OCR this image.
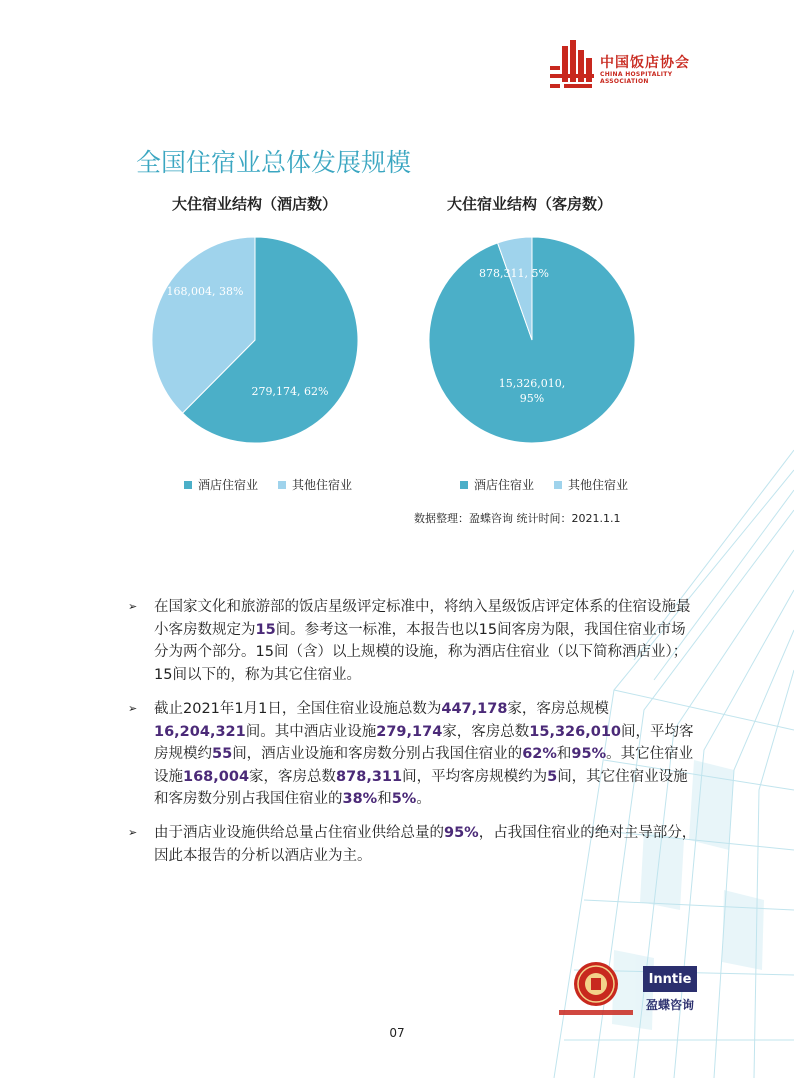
中国饭店协会
CHINA HOSPITALITY ASSOCIATION
全国住宿业总体发展规模
大住宿业结构（酒店数）
279,174, 62%
168,004, 38%
酒店住宿业	其他住宿业
大住宿业结构（客房数）
15,326,010, 95%
878,311, 5%
酒店住宿业	其他住宿业
数据整理：盈蝶咨询 统计时间：2021.1.1
➢ 在国家文化和旅游部的饭店星级评定标准中，将纳入星级饭店评定体系的住宿设施最小客房数规定为15间。参考这一标准，本报告也以15间客房为限，我国住宿业市场分为两个部分。15间（含）以上规模的设施，称为酒店住宿业（以下简称酒店业）；15间以下的，称为其它住宿业。
➢ 截止2021年1月1日，全国住宿业设施总数为447,178家，客房总规模16,204,321间。其中酒店业设施279,174家，客房总数15,326,010间，平均客房规模约55间，酒店业设施和客房数分别占我国住宿业的62%和95%。其它住宿业设施168,004家，客房总数878,311间，平均客房规模约为5间，其它住宿业设施和客房数分别占我国住宿业的38%和5%。
➢ 由于酒店业设施供给总量占住宿业供给总量的95%，占我国住宿业的绝对主导部分，因此本报告的分析以酒店业为主。
Inntie
盈蝶咨询
07
